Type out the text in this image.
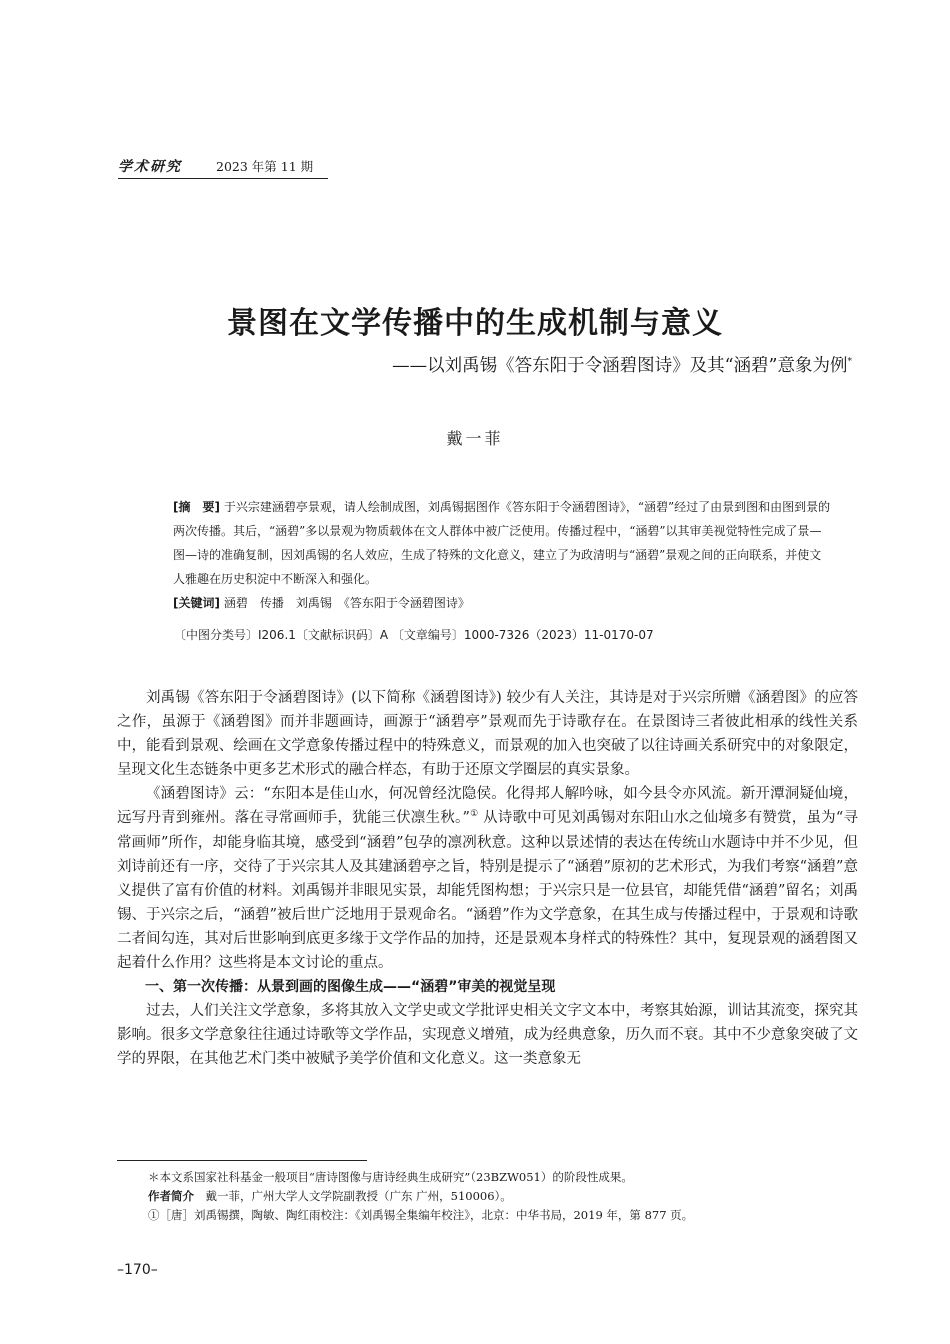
学术研究	2023 年第 11 期
景图在文学传播中的生成机制与意义
——以刘禹锡《答东阳于令涵碧图诗》及其“涵碧”意象为例*
戴一菲
[摘　要] 于兴宗建涵碧亭景观，请人绘制成图，刘禹锡据图作《答东阳于令涵碧图诗》，“涵碧”经过了由景到图和由图到景的两次传播。其后，“涵碧”多以景观为物质载体在文人群体中被广泛使用。传播过程中，“涵碧”以其审美视觉特性完成了景—图—诗的准确复制，因刘禹锡的名人效应，生成了特殊的文化意义，建立了为政清明与“涵碧”景观之间的正向联系，并使文人雅趣在历史积淀中不断深入和强化。
[关键词] 涵碧　传播　刘禹锡　《答东阳于令涵碧图诗》
〔中图分类号〕I206.1〔文献标识码〕A 〔文章编号〕1000-7326（2023）11-0170-07

刘禹锡《答东阳于令涵碧图诗》(以下简称《涵碧图诗》) 较少有人关注，其诗是对于兴宗所赠《涵碧图》的应答之作，虽源于《涵碧图》而并非题画诗，画源于“涵碧亭”景观而先于诗歌存在。在景图诗三者彼此相承的线性关系中，能看到景观、绘画在文学意象传播过程中的特殊意义，而景观的加入也突破了以往诗画关系研究中的对象限定，呈现文化生态链条中更多艺术形式的融合样态，有助于还原文学圈层的真实景象。

《涵碧图诗》云：“东阳本是佳山水，何况曾经沈隐侯。化得邦人解吟咏，如今县令亦风流。新开潭洞疑仙境，远写丹青到雍州。落在寻常画师手，犹能三伏凛生秋。”① 从诗歌中可见刘禹锡对东阳山水之仙境多有赞赏，虽为“寻常画师”所作，却能身临其境，感受到“涵碧”包孕的凛冽秋意。这种以景述情的表达在传统山水题诗中并不少见，但刘诗前还有一序，交待了于兴宗其人及其建涵碧亭之旨，特别是提示了“涵碧”原初的艺术形式，为我们考察“涵碧”意义提供了富有价值的材料。刘禹锡并非眼见实景，却能凭图构想；于兴宗只是一位县官，却能凭借“涵碧”留名；刘禹锡、于兴宗之后，“涵碧”被后世广泛地用于景观命名。“涵碧”作为文学意象，在其生成与传播过程中，于景观和诗歌二者间勾连，其对后世影响到底更多缘于文学作品的加持，还是景观本身样式的特殊性？其中，复现景观的涵碧图又起着什么作用？这些将是本文讨论的重点。

一、第一次传播：从景到画的图像生成——“涵碧”审美的视觉呈现

过去，人们关注文学意象，多将其放入文学史或文学批评史相关文字文本中，考察其始源，训诂其流变，探究其影响。很多文学意象往往通过诗歌等文学作品，实现意义增殖，成为经典意象，历久而不衰。其中不少意象突破了文学的界限，在其他艺术门类中被赋予美学价值和文化意义。这一类意象无

＊本文系国家社科基金一般项目“唐诗图像与唐诗经典生成研究”（23BZW051）的阶段性成果。
作者简介　 戴一菲，广州大学人文学院副教授（广东 广州，510006）。
①［唐］刘禹锡撰，陶敏、陶红雨校注：《刘禹锡全集编年校注》，北京：中华书局，2019 年，第 877 页。
–170–
